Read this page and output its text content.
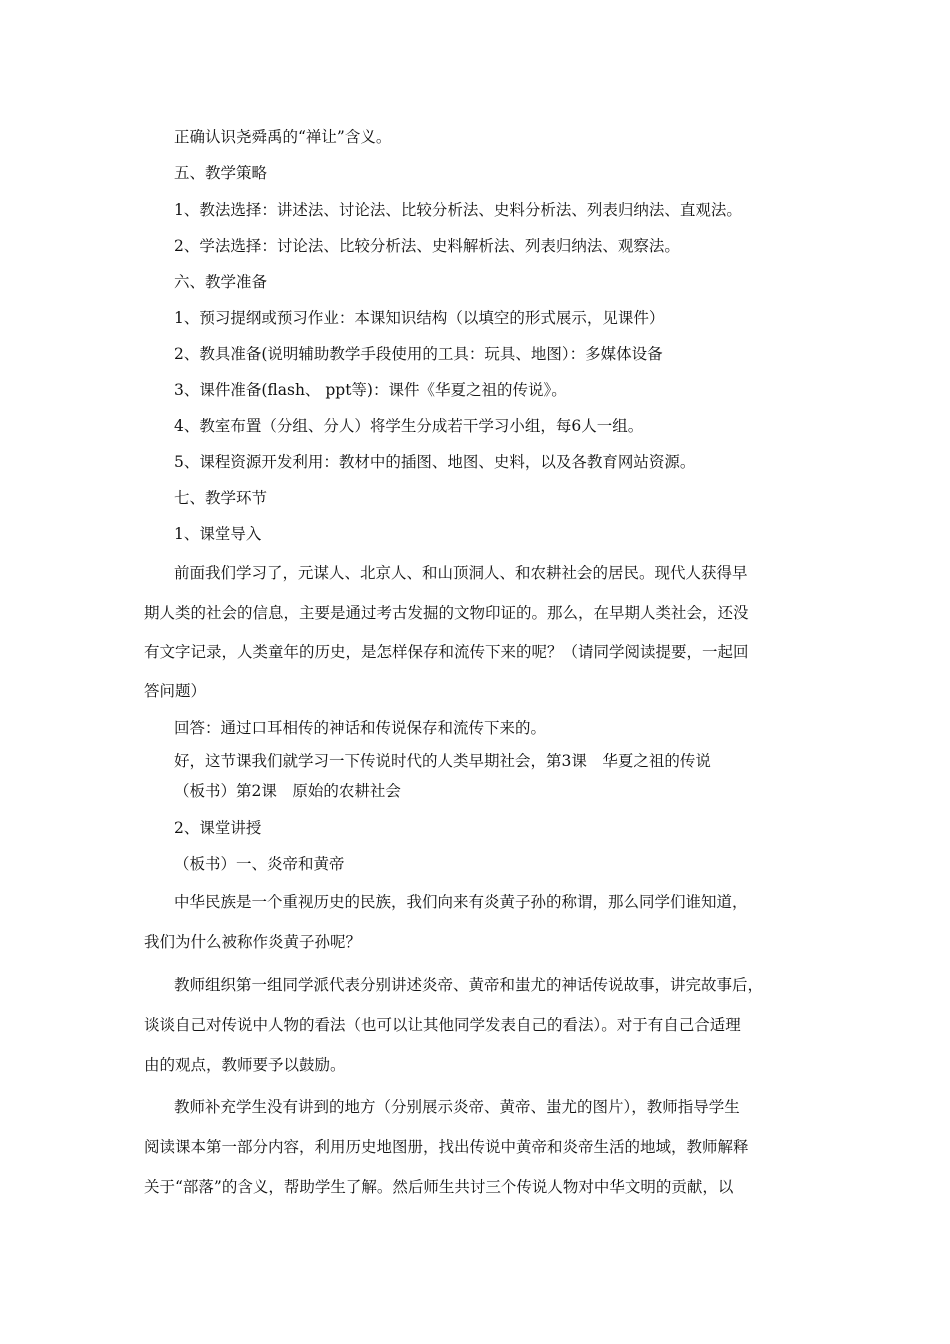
正确认识尧舜禹的“禅让”含义。

五、教学策略

1、教法选择：讲述法、讨论法、比较分析法、史料分析法、列表归纳法、直观法。

2、学法选择：讨论法、比较分析法、史料解析法、列表归纳法、观察法。

六、教学准备

1、预习提纲或预习作业：本课知识结构（以填空的形式展示，见课件）

2、教具准备(说明辅助教学手段使用的工具：玩具、地图）：多媒体设备

3、课件准备(flash、 ppt等)：课件《华夏之祖的传说》。

4、教室布置（分组、分人）将学生分成若干学习小组，每6人一组。

5、课程资源开发利用：教材中的插图、地图、史料，以及各教育网站资源。

七、教学环节

1、课堂导入

前面我们学习了，元谋人、北京人、和山顶洞人、和农耕社会的居民。现代人获得早

期人类的社会的信息，主要是通过考古发掘的文物印证的。那么，在早期人类社会，还没

有文字记录，人类童年的历史，是怎样保存和流传下来的呢？（请同学阅读提要，一起回

答问题）

回答：通过口耳相传的神话和传说保存和流传下来的。

好，这节课我们就学习一下传说时代的人类早期社会，第3课　华夏之祖的传说

（板书）第2课　原始的农耕社会

2、课堂讲授

（板书）一、炎帝和黄帝

中华民族是一个重视历史的民族，我们向来有炎黄子孙的称谓，那么同学们谁知道，

我们为什么被称作炎黄子孙呢？

教师组织第一组同学派代表分别讲述炎帝、黄帝和蚩尤的神话传说故事，讲完故事后，

谈谈自己对传说中人物的看法（也可以让其他同学发表自己的看法）。对于有自己合适理

由的观点，教师要予以鼓励。

教师补充学生没有讲到的地方（分别展示炎帝、黄帝、蚩尤的图片），教师指导学生

阅读课本第一部分内容，利用历史地图册，找出传说中黄帝和炎帝生活的地域，教师解释

关于“部落”的含义，帮助学生了解。然后师生共讨三个传说人物对中华文明的贡献，以
